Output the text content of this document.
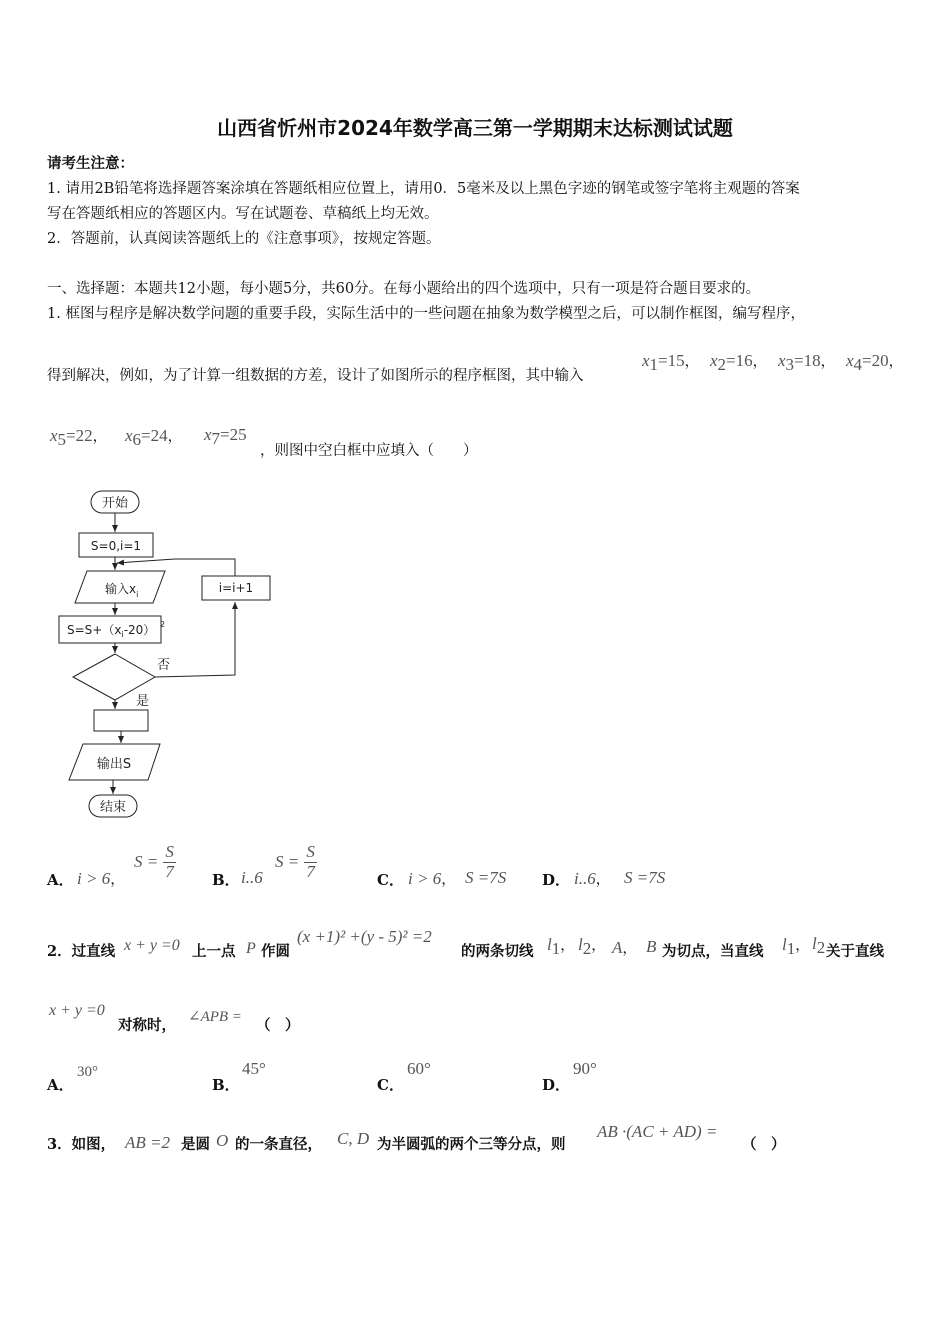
山西省忻州市2024年数学高三第一学期期末达标测试试题
请考生注意：
1. 请用2B铅笔将选择题答案涂填在答题纸相应位置上，请用0．5毫米及以上黑色字迹的钢笔或签字笔将主观题的答案
写在答题纸相应的答题区内。写在试题卷、草稿纸上均无效。
2．答题前，认真阅读答题纸上的《注意事项》，按规定答题。
一、选择题：本题共12小题，每小题5分，共60分。在每小题给出的四个选项中，只有一项是符合题目要求的。
1. 框图与程序是解决数学问题的重要手段，实际生活中的一些问题在抽象为数学模型之后，可以制作框图，编写程序，
得到解决，例如，为了计算一组数据的方差，设计了如图所示的程序框图，其中输入
$x_1=15$， $x_2=16$， $x_3=18$， $x_4=20$，
$x_5=22$， $x_6=24$， $x_7=25$
，则图中空白框中应填入（　　）
开始
S=0,i=1
输入$x_i$
$S=S+(x_i-20)$ 2
i=i+1
否
是
输出S
结束
A． i > 6，
$S = \frac{S}{7}$ B． i..6
$S = \frac{S}{7}$	C． i > 6， S =7S D． i..6， S =7S
2．过直线 x + y =0 上一点 P 作圆
(x +1)² +(y - 5)² =2
的两条切线 $l_1$， $l_2$， A， B 为切点，当直线 $l_1$， $l_2$ 关于直线
x + y =0
对称时， ∠APB = （　）
A．
30°
B．
45°
C．
60°
D．
90°
3．如图， AB =2 是圆 O 的一条直径， C, D 为半圆弧的两个三等分点，则
AB ·(AC + AD) =
（　）
